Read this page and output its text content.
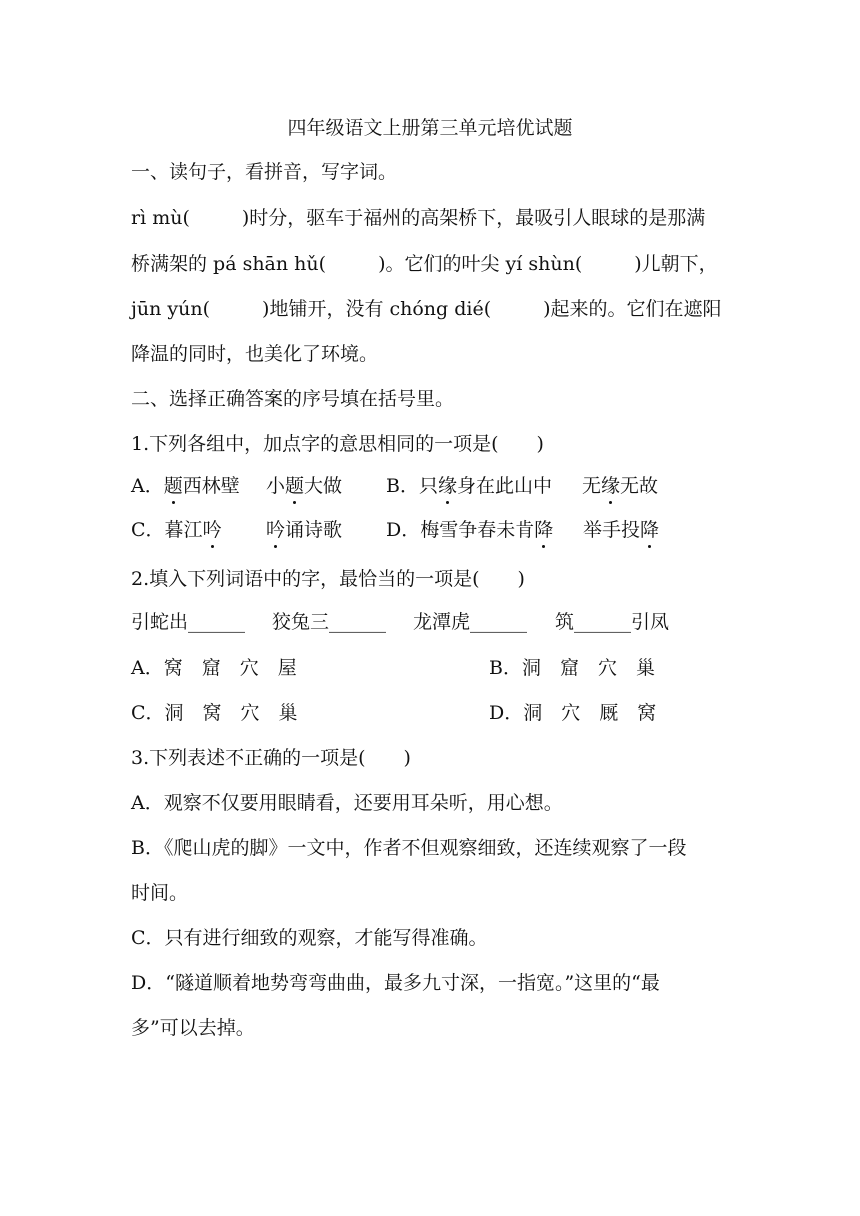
四年级语文上册第三单元培优试题
一、读句子，看拼音，写字词。
rì mù(	)时分，驱车于福州的高架桥下，最吸引人眼球的是那满
桥满架的 pá shān hǔ(	)。它们的叶尖 yí shùn(	)儿朝下，
jūn yún(	)地铺开，没有 chóng dié(	)起来的。它们在遮阳
降温的同时，也美化了环境。
二、选择正确答案的序号填在括号里。
1.下列各组中，加点字的意思相同的一项是(　　)
A．题西林壁 小题大做 B．只缘身在此山中 无缘无故
C．暮江吟 吟诵诗歌 D．梅雪争春未肯降 举手投降
2.填入下列词语中的字，最恰当的一项是(　　)
引蛇出______ 狡兔三______ 龙潭虎______ 筑______引凤
A．窝　窟　穴　屋	B．洞　窟　穴　巢
C．洞　窝　穴　巢	D．洞　穴　厩　窝
3.下列表述不正确的一项是(　　)
A．观察不仅要用眼睛看，还要用耳朵听，用心想。
B．《爬山虎的脚》一文中，作者不但观察细致，还连续观察了一段
时间。
C．只有进行细致的观察，才能写得准确。
D．“隧道顺着地势弯弯曲曲，最多九寸深，一指宽。”这里的“最
多”可以去掉。
